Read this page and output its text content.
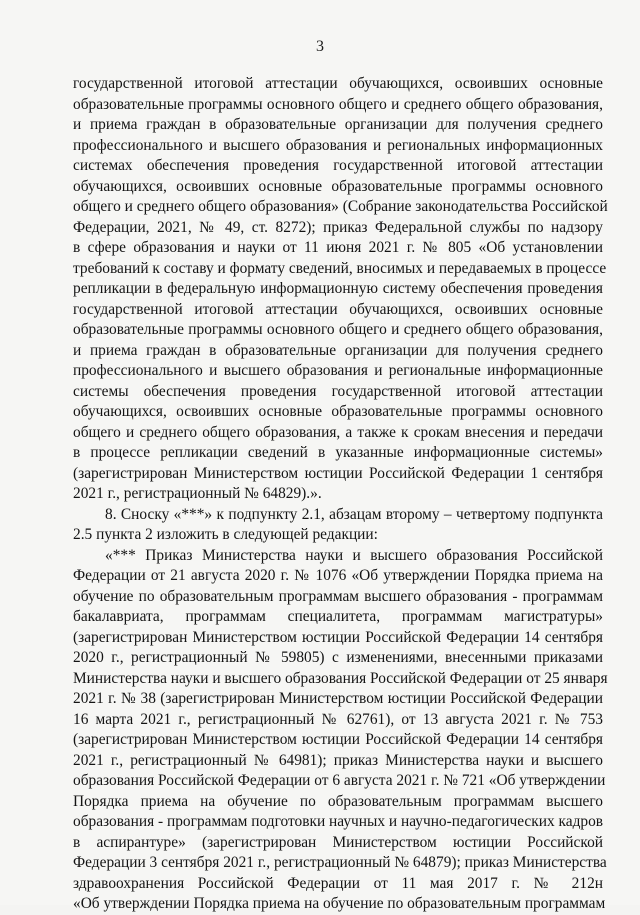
3
государственной итоговой аттестации обучающихся, освоивших основные
образовательные программы основного общего и среднего общего образования,
и приема граждан в образовательные организации для получения среднего
профессионального и высшего образования и региональных информационных
системах обеспечения проведения государственной итоговой аттестации
обучающихся, освоивших основные образовательные программы основного
общего и среднего общего образования» (Собрание законодательства Российской
Федерации, 2021, № 49, ст. 8272); приказ Федеральной службы по надзору
в сфере образования и науки от 11 июня 2021 г. № 805 «Об установлении
требований к составу и формату сведений, вносимых и передаваемых в процессе
репликации в федеральную информационную систему обеспечения проведения
государственной итоговой аттестации обучающихся, освоивших основные
образовательные программы основного общего и среднего общего образования,
и приема граждан в образовательные организации для получения среднего
профессионального и высшего образования и региональные информационные
системы обеспечения проведения государственной итоговой аттестации
обучающихся, освоивших основные образовательные программы основного
общего и среднего общего образования, а также к срокам внесения и передачи
в процессе репликации сведений в указанные информационные системы»
(зарегистрирован Министерством юстиции Российской Федерации 1 сентября
2021 г., регистрационный № 64829).».
8. Сноску «***» к подпункту 2.1, абзацам второму – четвертому подпункта
2.5 пункта 2 изложить в следующей редакции:
«*** Приказ Министерства науки и высшего образования Российской
Федерации от 21 августа 2020 г. № 1076 «Об утверждении Порядка приема на
обучение по образовательным программам высшего образования - программам
бакалавриата, программам специалитета, программам магистратуры»
(зарегистрирован Министерством юстиции Российской Федерации 14 сентября
2020 г., регистрационный № 59805) с изменениями, внесенными приказами
Министерства науки и высшего образования Российской Федерации от 25 января
2021 г. № 38 (зарегистрирован Министерством юстиции Российской Федерации
16 марта 2021 г., регистрационный № 62761), от 13 августа 2021 г. № 753
(зарегистрирован Министерством юстиции Российской Федерации 14 сентября
2021 г., регистрационный № 64981); приказ Министерства науки и высшего
образования Российской Федерации от 6 августа 2021 г. № 721 «Об утверждении
Порядка приема на обучение по образовательным программам высшего
образования - программам подготовки научных и научно-педагогических кадров
в аспирантуре» (зарегистрирован Министерством юстиции Российской
Федерации 3 сентября 2021 г., регистрационный № 64879); приказ Министерства
здравоохранения Российской Федерации от 11 мая 2017 г. № 212н
«Об утверждении Порядка приема на обучение по образовательным программам
